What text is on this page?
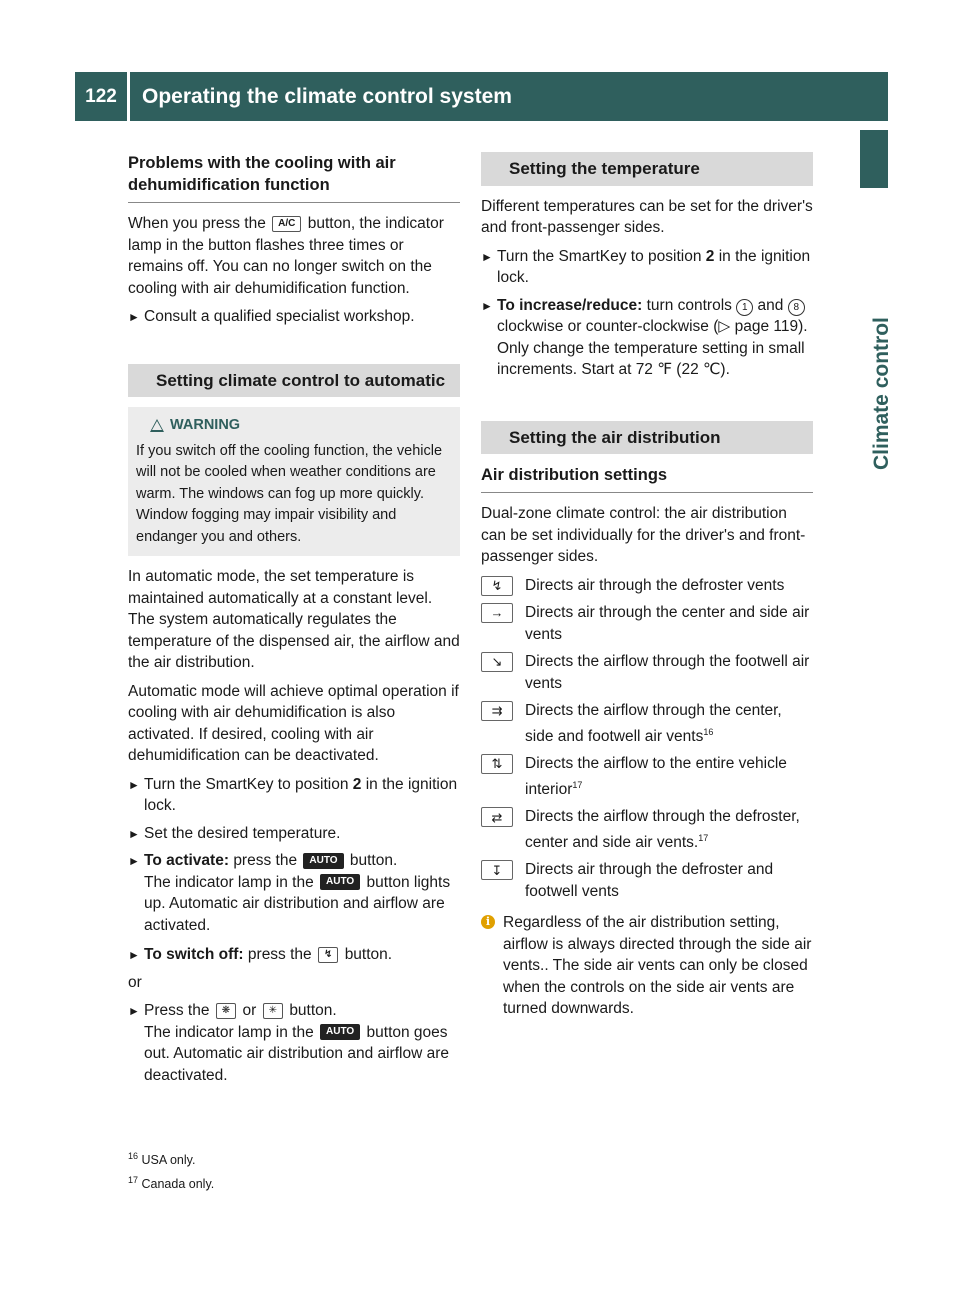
122	Operating the climate control system
Climate control
Problems with the cooling with air dehumidification function

When you press the A/C button, the indicator lamp in the button flashes three times or remains off. You can no longer switch on the cooling with air dehumidification function.

► Consult a qualified specialist workshop.
Setting climate control to automatic
WARNING
If you switch off the cooling function, the vehicle will not be cooled when weather conditions are warm. The windows can fog up more quickly. Window fogging may impair visibility and endanger you and others.

In automatic mode, the set temperature is maintained automatically at a constant level. The system automatically regulates the temperature of the dispensed air, the airflow and the air distribution.

Automatic mode will achieve optimal operation if cooling with air dehumidification is also activated. If desired, cooling with air dehumidification can be deactivated.

► Turn the SmartKey to position 2 in the ignition lock.
► Set the desired temperature.
► To activate: press the AUTO button.
The indicator lamp in the AUTO button lights up. Automatic air distribution and airflow are activated.
► To switch off: press the ↯ button.

or

► Press the ❋ or ✳ button.
The indicator lamp in the AUTO button goes out. Automatic air distribution and airflow are deactivated.
Setting the temperature

Different temperatures can be set for the driver's and front-passenger sides.

► Turn the SmartKey to position 2 in the ignition lock.
► To increase/reduce: turn controls 1 and 8 clockwise or counter-clockwise (▷ page 119). Only change the temperature setting in small increments. Start at 72 ℉ (22 ℃).
Setting the air distribution
Air distribution settings

Dual-zone climate control: the air distribution can be set individually for the driver's and front-passenger sides.

↯	Directs air through the defroster vents
→	Directs air through the center and side air vents
↘	Directs the airflow through the footwell air vents
⇉	Directs the airflow through the center, side and footwell air vents$^{16}$
⇅	Directs the airflow to the entire vehicle interior$^{17}$
⇄	Directs the airflow through the defroster, center and side air vents.$^{17}$
↧	Directs air through the defroster and footwell vents
i Regardless of the air distribution setting, airflow is always directed through the side air vents.. The side air vents can only be closed when the controls on the side air vents are turned downwards.
$^{16}$ USA only.
$^{17}$ Canada only.
